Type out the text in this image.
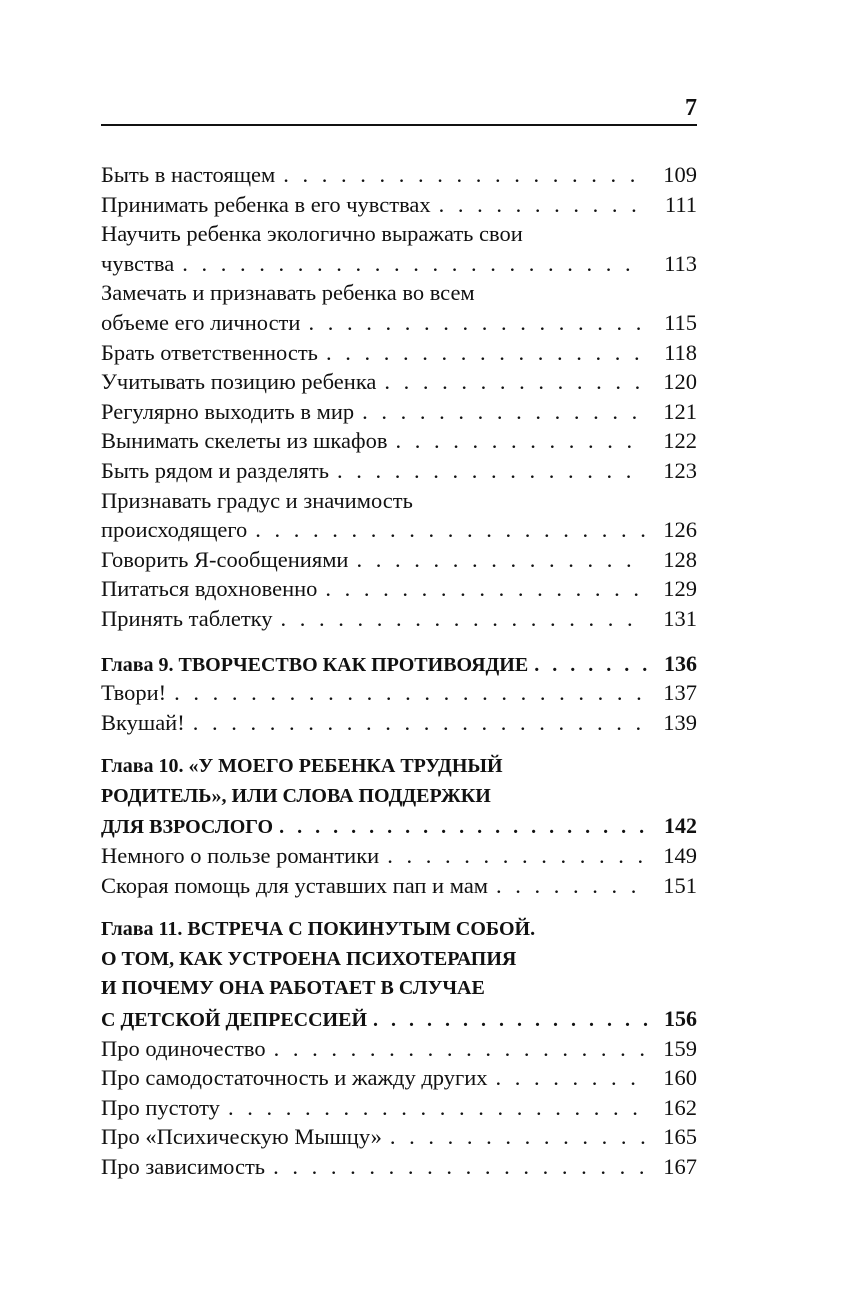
7
Быть в настоящем . . .	109
Принимать ребенка в его чувствах . . .	111
Научить ребенка экологично выражать свои
чувства . . .	113
Замечать и признавать ребенка во всем
объеме его личности . . .	115
Брать ответственность . . .	118
Учитывать позицию ребенка . . .	120
Регулярно выходить в мир . . .	121
Вынимать скелеты из шкафов . . .	122
Быть рядом и разделять . . .	123
Признавать градус и значимость
происходящего . . .	126
Говорить Я-сообщениями . . .	128
Питаться вдохновенно . . .	129
Принять таблетку . . .	131
Глава 9. ТВОРЧЕСТВО КАК ПРОТИВОЯДИЕ . . .	136
Твори! . . .	137
Вкушай! . . .	139
Глава 10. «У МОЕГО РЕБЕНКА ТРУДНЫЙ
РОДИТЕЛЬ», ИЛИ СЛОВА ПОДДЕРЖКИ
ДЛЯ ВЗРОСЛОГО . . .	142
Немного о пользе романтики . . .	149
Скорая помощь для уставших пап и мам . . .	151
Глава 11. ВСТРЕЧА С ПОКИНУТЫМ СОБОЙ.
О ТОМ, КАК УСТРОЕНА ПСИХОТЕРАПИЯ
И ПОЧЕМУ ОНА РАБОТАЕТ В СЛУЧАЕ
С ДЕТСКОЙ ДЕПРЕССИЕЙ . . .	156
Про одиночество . . .	159
Про самодостаточность и жажду других . . .	160
Про пустоту . . .	162
Про «Психическую Мышцу» . . .	165
Про зависимость . . .	167
